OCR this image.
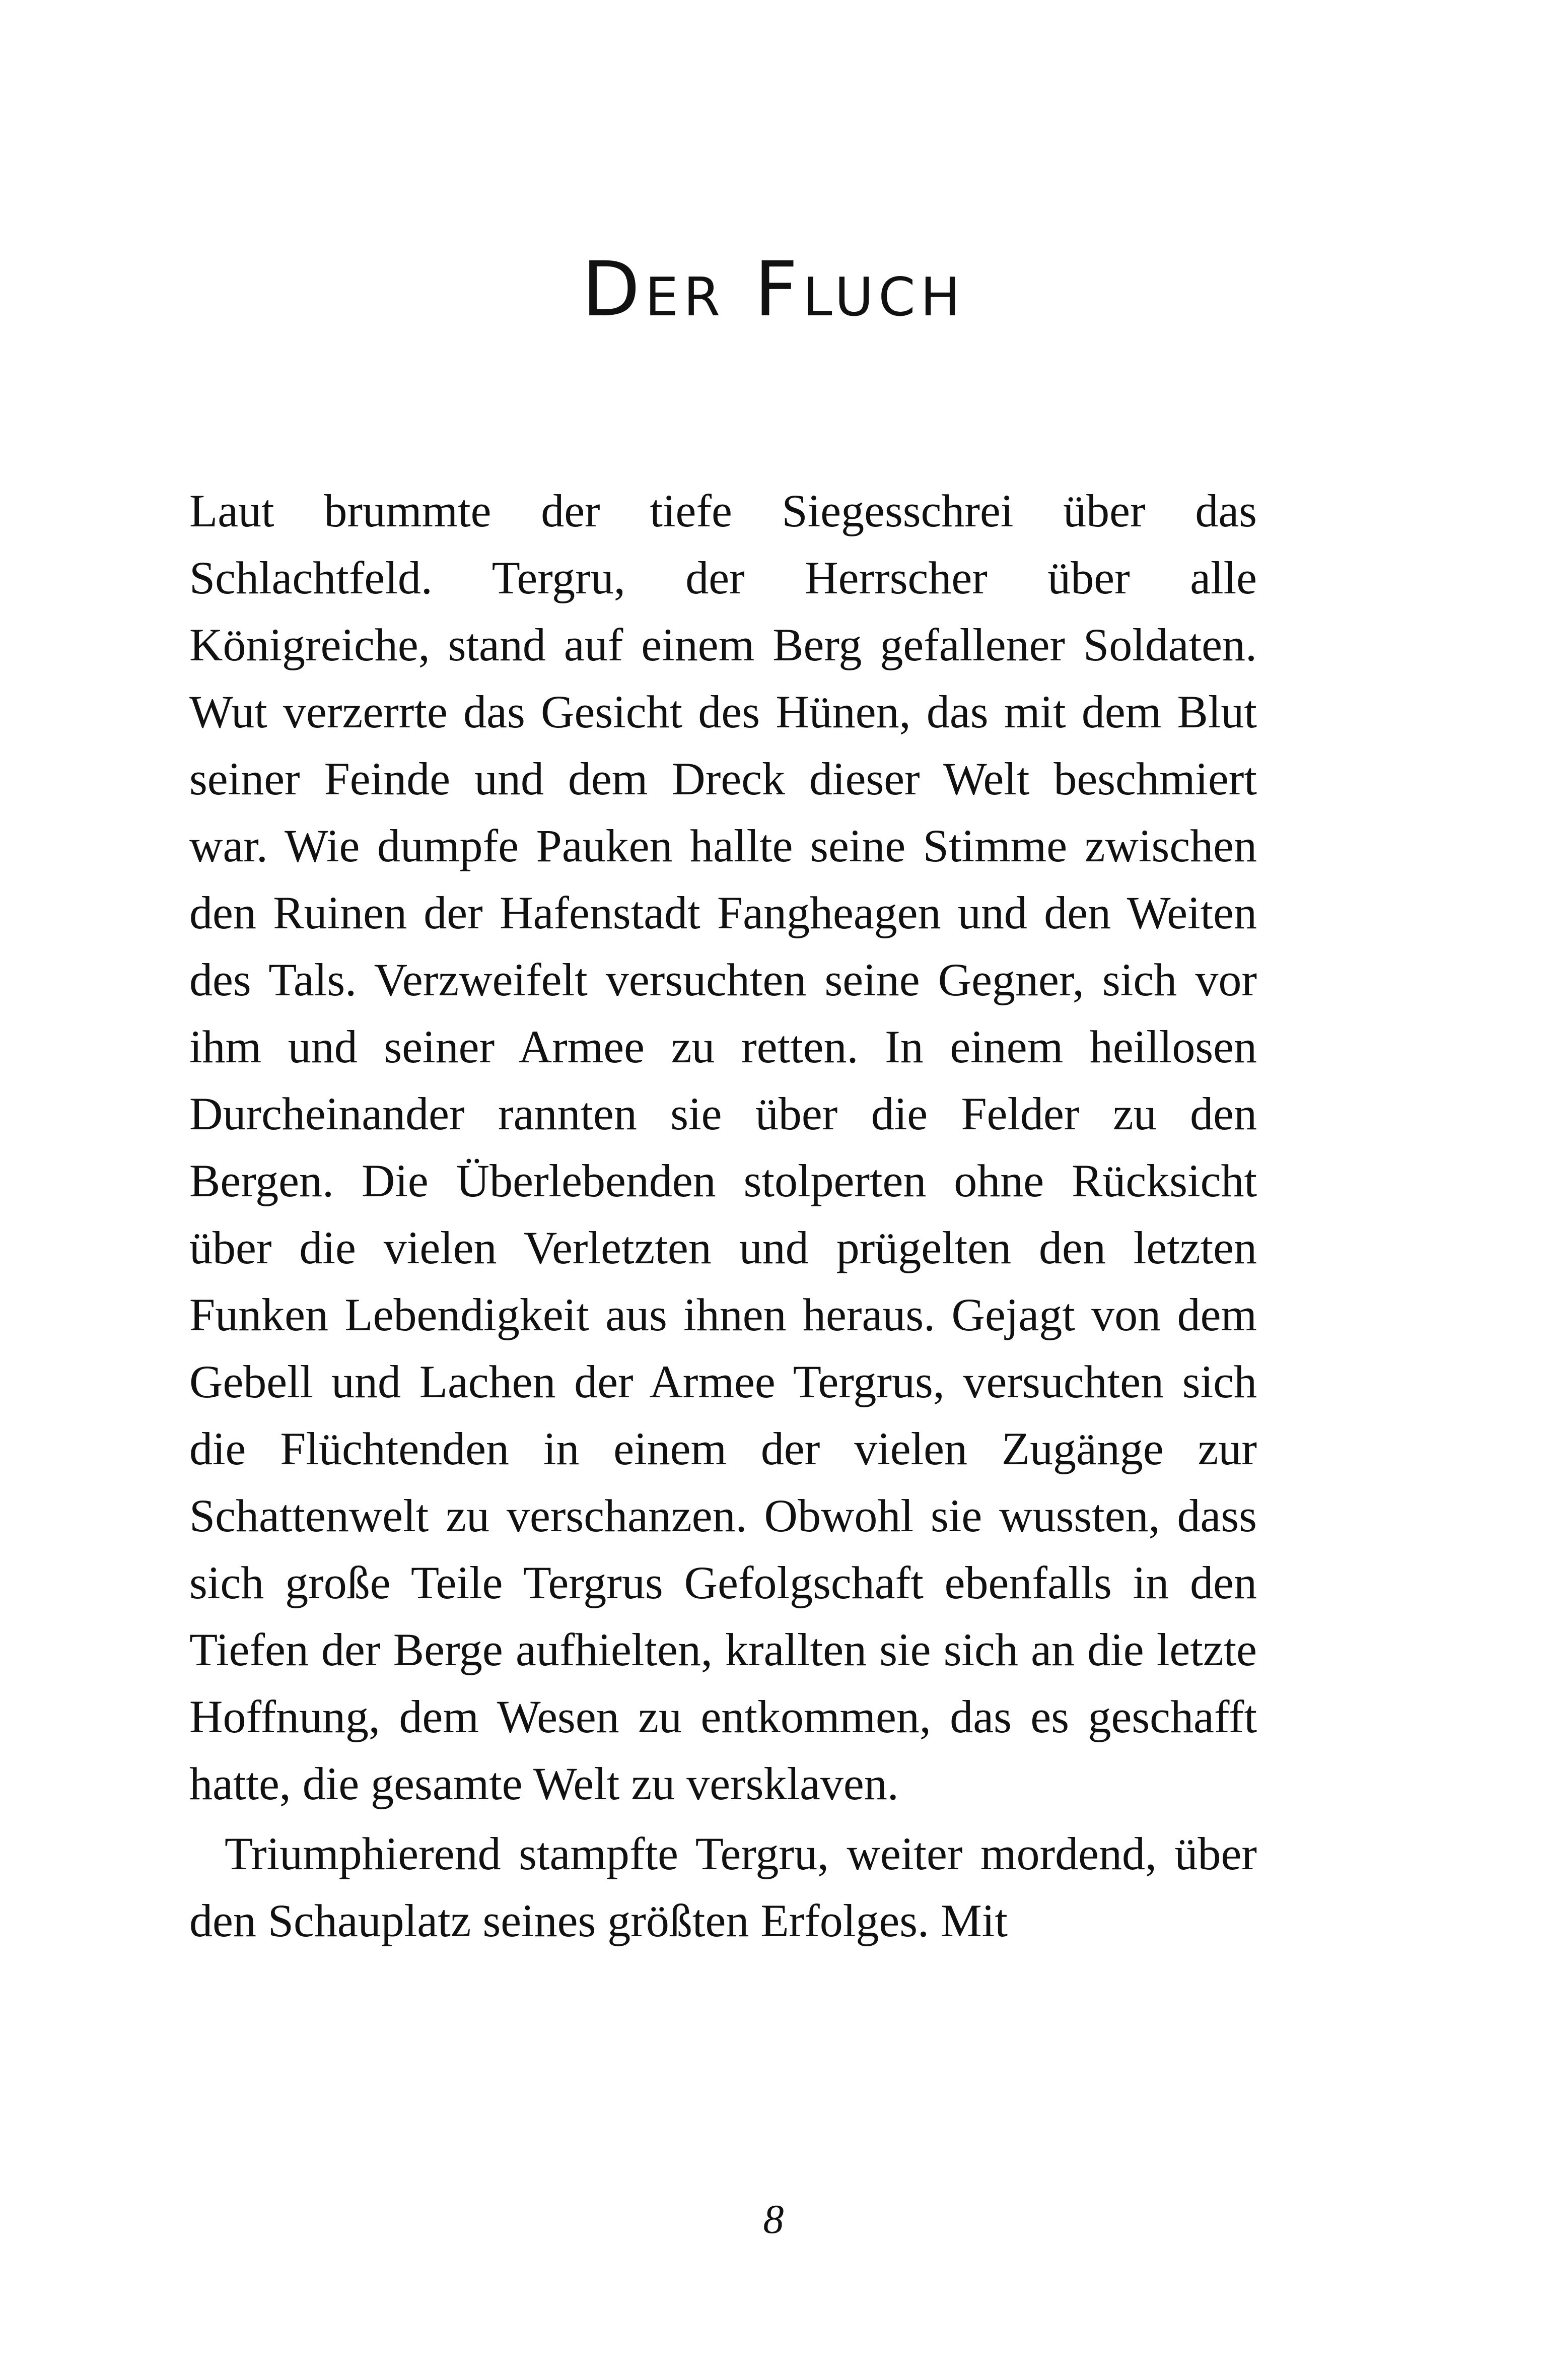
Der Fluch

Laut brummte der tiefe Siegesschrei über das Schlachtfeld. Tergru, der Herrscher über alle Königreiche, stand auf einem Berg gefallener Soldaten. Wut verzerrte das Gesicht des Hünen, das mit dem Blut seiner Feinde und dem Dreck dieser Welt beschmiert war. Wie dumpfe Pauken hallte seine Stimme zwischen den Ruinen der Hafenstadt Fangheagen und den Weiten des Tals. Verzweifelt versuchten seine Gegner, sich vor ihm und seiner Armee zu retten. In einem heillosen Durcheinander rannten sie über die Felder zu den Bergen. Die Überlebenden stolperten ohne Rücksicht über die vielen Verletzten und prügelten den letzten Funken Lebendigkeit aus ihnen heraus. Gejagt von dem Gebell und Lachen der Armee Tergrus, versuchten sich die Flüchtenden in einem der vielen Zugänge zur Schattenwelt zu verschanzen. Obwohl sie wussten, dass sich große Teile Tergrus Gefolgschaft ebenfalls in den Tiefen der Berge aufhielten, krallten sie sich an die letzte Hoffnung, dem Wesen zu entkommen, das es geschafft hatte, die gesamte Welt zu versklaven.

Triumphierend stampfte Tergru, weiter mordend, über den Schauplatz seines größten Erfolges. Mit

8
